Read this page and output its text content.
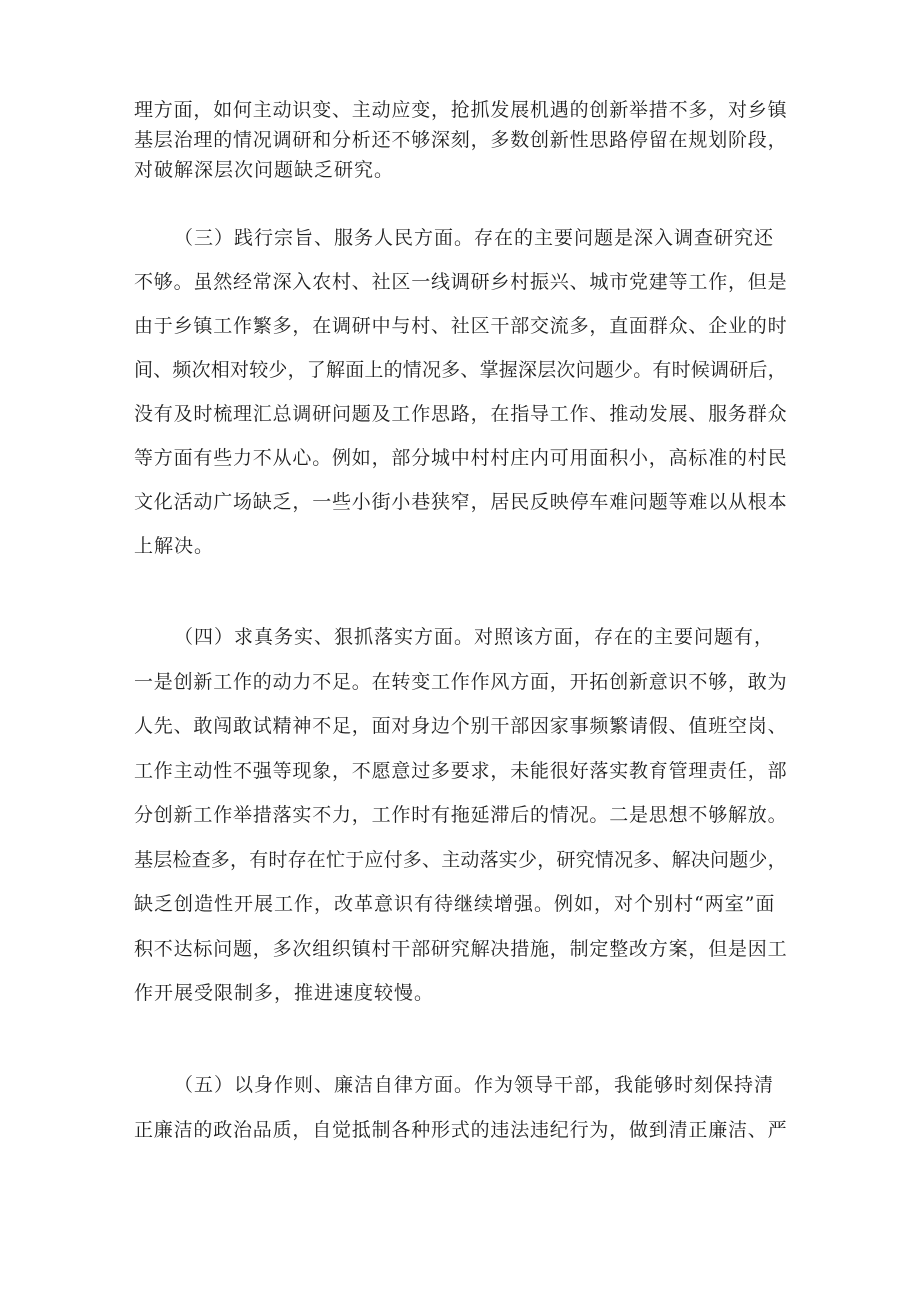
理方面，如何主动识变、主动应变，抢抓发展机遇的创新举措不多，对乡镇

基层治理的情况调研和分析还不够深刻，多数创新性思路停留在规划阶段，

对破解深层次问题缺乏研究。

（三）践行宗旨、服务人民方面。存在的主要问题是深入调查研究还

不够。虽然经常深入农村、社区一线调研乡村振兴、城市党建等工作，但是

由于乡镇工作繁多，在调研中与村、社区干部交流多，直面群众、企业的时

间、频次相对较少，了解面上的情况多、掌握深层次问题少。有时候调研后，

没有及时梳理汇总调研问题及工作思路，在指导工作、推动发展、服务群众

等方面有些力不从心。例如，部分城中村村庄内可用面积小，高标准的村民

文化活动广场缺乏，一些小街小巷狭窄，居民反映停车难问题等难以从根本

上解决。

（四）求真务实、狠抓落实方面。对照该方面，存在的主要问题有，

一是创新工作的动力不足。在转变工作作风方面，开拓创新意识不够，敢为

人先、敢闯敢试精神不足，面对身边个别干部因家事频繁请假、值班空岗、

工作主动性不强等现象，不愿意过多要求，未能很好落实教育管理责任，部

分创新工作举措落实不力，工作时有拖延滞后的情况。二是思想不够解放。

基层检查多，有时存在忙于应付多、主动落实少，研究情况多、解决问题少，

缺乏创造性开展工作，改革意识有待继续增强。例如，对个别村“两室”面

积不达标问题，多次组织镇村干部研究解决措施，制定整改方案，但是因工

作开展受限制多，推进速度较慢。

（五）以身作则、廉洁自律方面。作为领导干部，我能够时刻保持清

正廉洁的政治品质，自觉抵制各种形式的违法违纪行为，做到清正廉洁、严
